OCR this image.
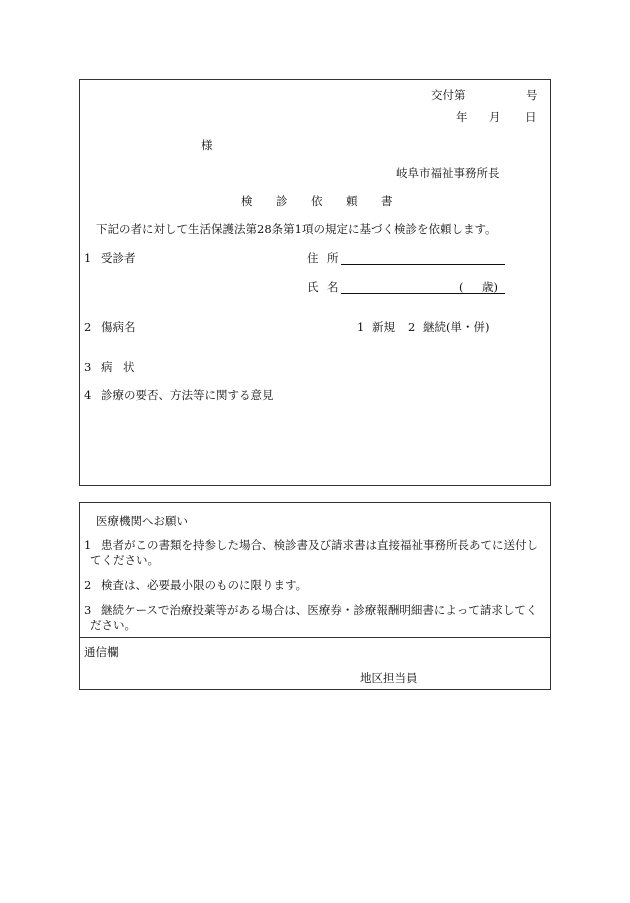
交付第	号
年 月 日
様
岐阜市福祉事務所長
検 診 依 頼 書
下記の者に対して生活保護法第28条第1項の規定に基づく検診を依頼します。
1 受診者	住 所
氏 名	( 歳)
2 傷病名	1 新規 2 継続(単・併)
3 病 状
4 診療の要否、方法等に関する意見
医療機関へお願い
1 患者がこの書類を持参した場合、検診書及び請求書は直接福祉事務所長あてに送付し
てください。
2 検査は、必要最小限のものに限ります。
3 継続ケースで治療投薬等がある場合は、医療券・診療報酬明細書によって請求してく
ださい。
通信欄
地区担当員
